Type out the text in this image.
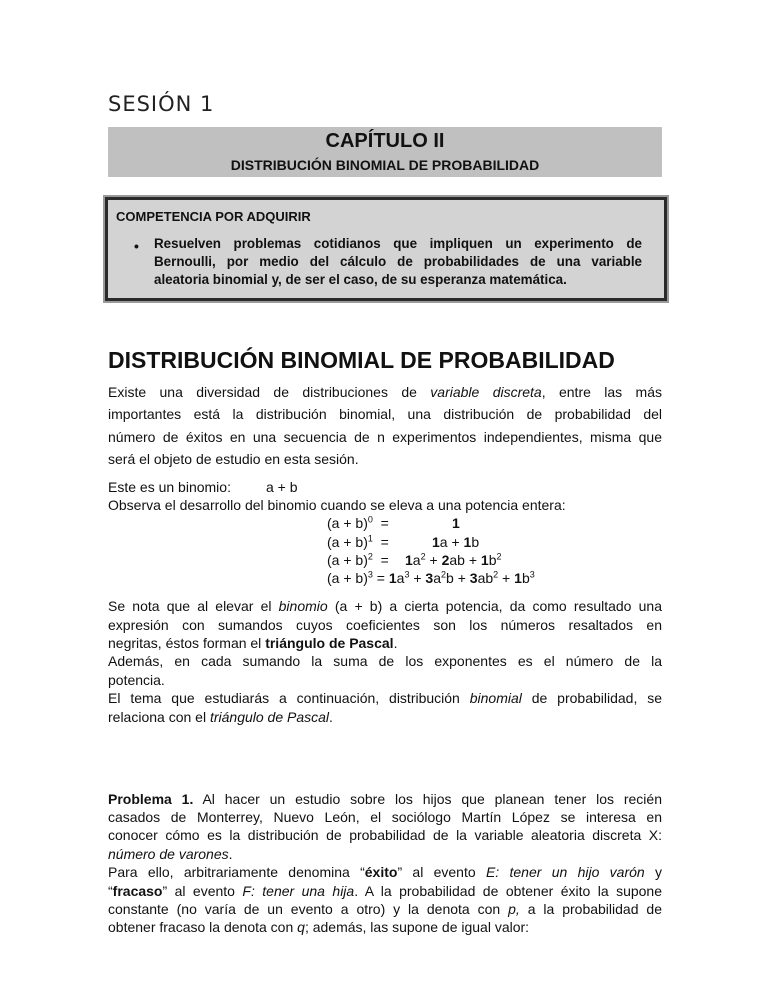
SESIÓN 1
CAPÍTULO II
DISTRIBUCIÓN BINOMIAL DE PROBABILIDAD
COMPETENCIA POR ADQUIRIR
• Resuelven problemas cotidianos que impliquen un experimento de
Bernoulli, por medio del cálculo de probabilidades de una variable
aleatoria binomial y, de ser el caso, de su esperanza matemática.
DISTRIBUCIÓN BINOMIAL DE PROBABILIDAD
a + b
Existe una diversidad de distribuciones de variable discreta, entre las más
importantes está la distribución binomial, una distribución de probabilidad del
número de éxitos en una secuencia de n experimentos independientes, misma que
será el objeto de estudio en esta sesión.
Este es un binomio:
Observa el desarrollo del binomio cuando se eleva a una potencia entera:
Se nota que al elevar el binomio (a + b) a cierta potencia, da como resultado una
expresión con sumandos cuyos coeficientes son los números resaltados en
negritas, éstos forman el triángulo de Pascal.
Además, en cada sumando la suma de los exponentes es el número de la
potencia.
El tema que estudiarás a continuación, distribución binomial de probabilidad, se
relaciona con el triángulo de Pascal.
Problema 1. Al hacer un estudio sobre los hijos que planean tener los recién
casados de Monterrey, Nuevo León, el sociólogo Martín López se interesa en
conocer cómo es la distribución de probabilidad de la variable aleatoria discreta X:
número de varones.
Para ello, arbitrariamente denomina “éxito” al evento E: tener un hijo varón y
“fracaso” al evento F: tener una hija. A la probabilidad de obtener éxito la supone
constante (no varía de un evento a otro) y la denota con p, a la probabilidad de
obtener fracaso la denota con q; además, las supone de igual valor:
$(a + b)^0$  =	1
$(a + b)^1$  =	1a + 1b
$(a + b)^2 = 1a^2 + 2ab + 1b^2$
$(a + b)^3 = 1a^3 + 3a^2b + 3ab^2 + 1b^3$
